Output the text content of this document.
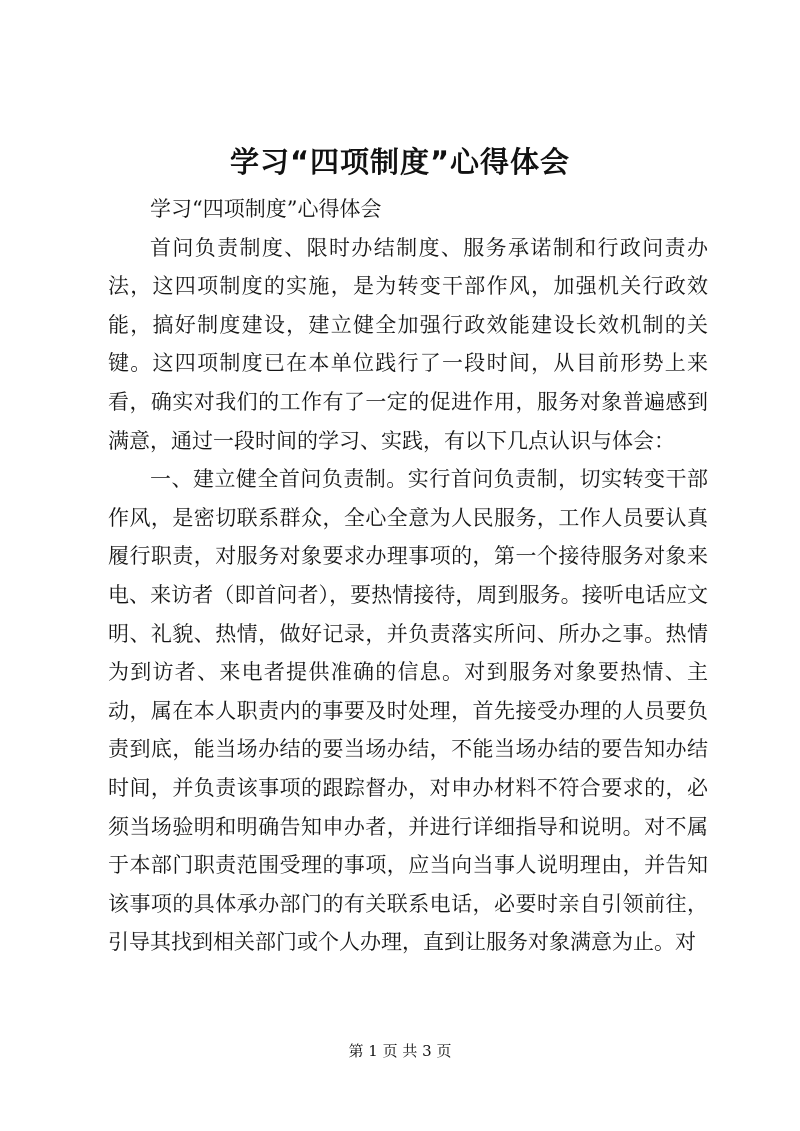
学习“四项制度”心得体会

学习“四项制度”心得体会

首问负责制度、限时办结制度、服务承诺制和行政问责办法，这四项制度的实施，是为转变干部作风，加强机关行政效能，搞好制度建设，建立健全加强行政效能建设长效机制的关键。这四项制度已在本单位践行了一段时间，从目前形势上来看，确实对我们的工作有了一定的促进作用，服务对象普遍感到满意，通过一段时间的学习、实践，有以下几点认识与体会：

一、建立健全首问负责制。实行首问负责制，切实转变干部作风，是密切联系群众，全心全意为人民服务，工作人员要认真履行职责，对服务对象要求办理事项的，第一个接待服务对象来电、来访者（即首问者），要热情接待，周到服务。接听电话应文明、礼貌、热情，做好记录，并负责落实所问、所办之事。热情为到访者、来电者提供准确的信息。对到服务对象要热情、主动，属在本人职责内的事要及时处理，首先接受办理的人员要负责到底，能当场办结的要当场办结，不能当场办结的要告知办结时间，并负责该事项的跟踪督办，对申办材料不符合要求的，必须当场验明和明确告知申办者，并进行详细指导和说明。对不属于本部门职责范围受理的事项，应当向当事人说明理由，并告知该事项的具体承办部门的有关联系电话，必要时亲自引领前往，引导其找到相关部门或个人办理，直到让服务对象满意为止。对

第 1 页 共 3 页
